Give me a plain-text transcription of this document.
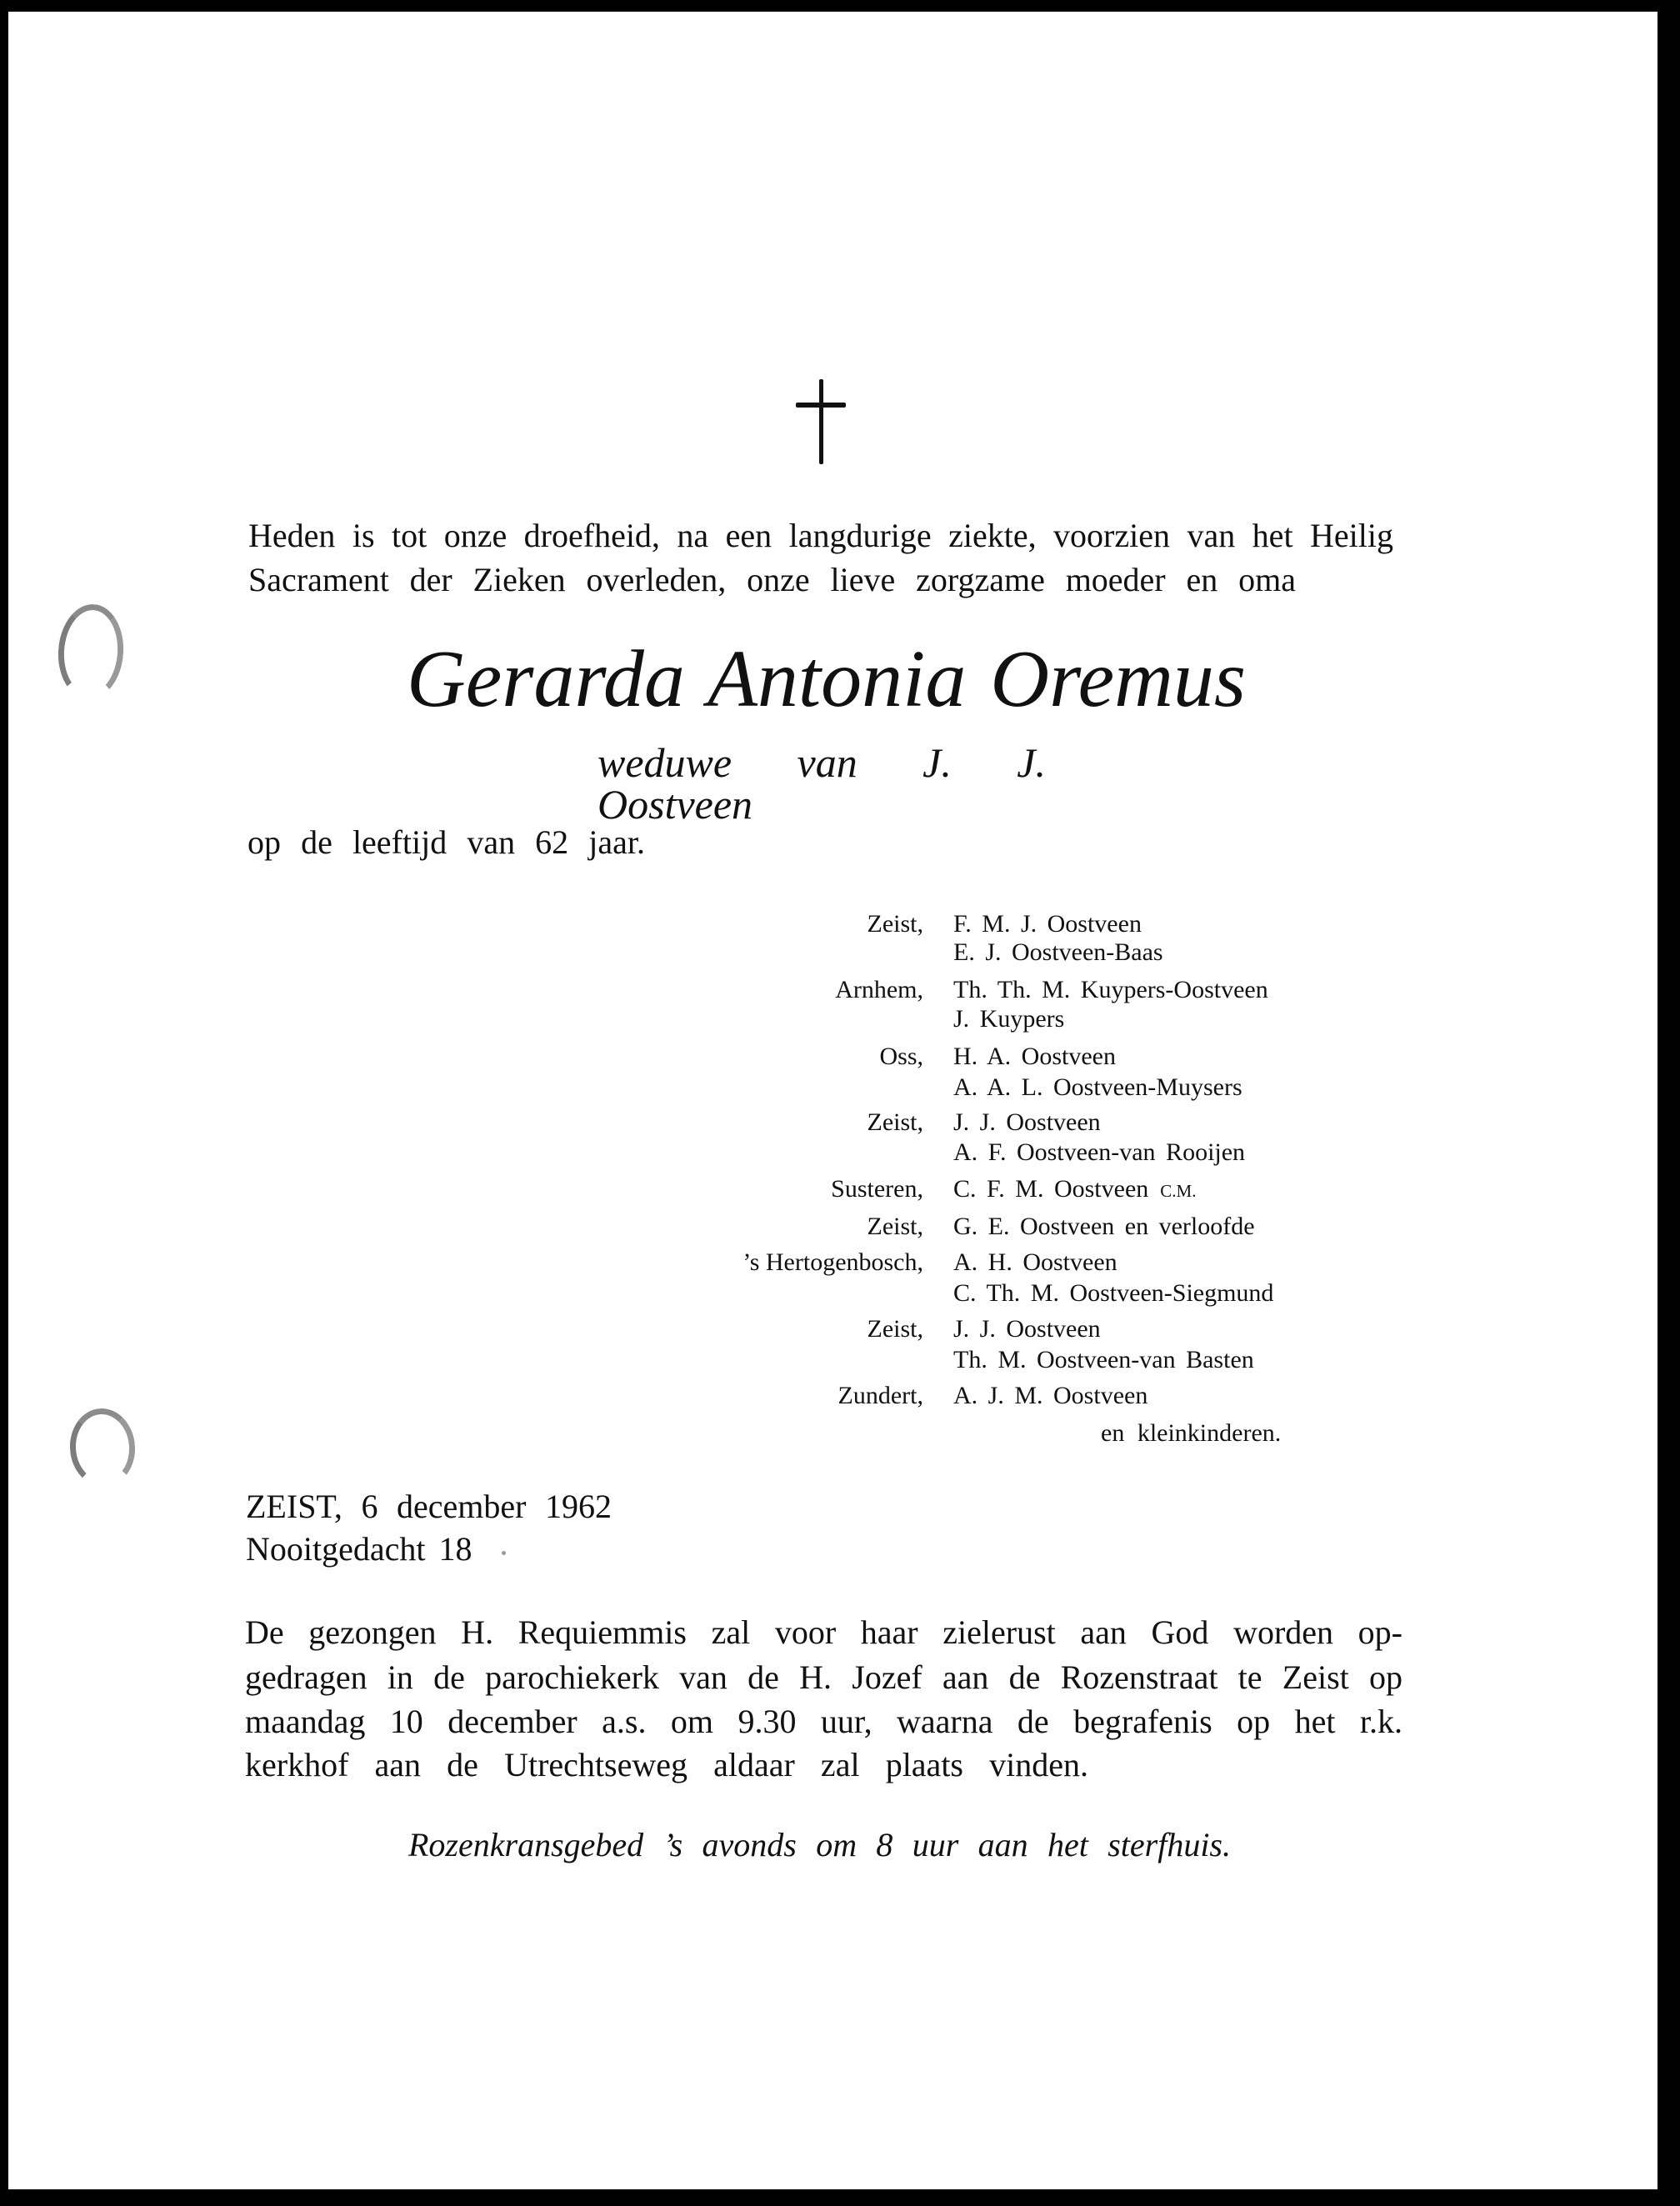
Heden is tot onze droefheid, na een langdurige ziekte, voorzien van het Heilig

Sacrament der Zieken overleden, onze lieve zorgzame moeder en oma

Gerarda Antonia Oremus

weduwe van J. J. Oostveen

op de leeftijd van 62 jaar.

Zeist, F. M. J. Oostveen
E. J. Oostveen-Baas
Arnhem, Th. Th. M. Kuypers-Oostveen
J. Kuypers
Oss, H. A. Oostveen
A. A. L. Oostveen-Muysers
Zeist, J. J. Oostveen
A. F. Oostveen-van Rooijen
Susteren, C. F. M. Oostveen C.M.
Zeist, G. E. Oostveen en verloofde
’s Hertogenbosch, A. H. Oostveen
C. Th. M. Oostveen-Siegmund
Zeist, J. J. Oostveen
Th. M. Oostveen-van Basten
Zundert, A. J. M. Oostveen
en kleinkinderen.

ZEIST, 6 december 1962

Nooitgedacht 18

De gezongen H. Requiemmis zal voor haar zielerust aan God worden op-

gedragen in de parochiekerk van de H. Jozef aan de Rozenstraat te Zeist op

maandag 10 december a.s. om 9.30 uur, waarna de begrafenis op het r.k.

kerkhof aan de Utrechtseweg aldaar zal plaats vinden.

Rozenkransgebed ’s avonds om 8 uur aan het sterfhuis.
